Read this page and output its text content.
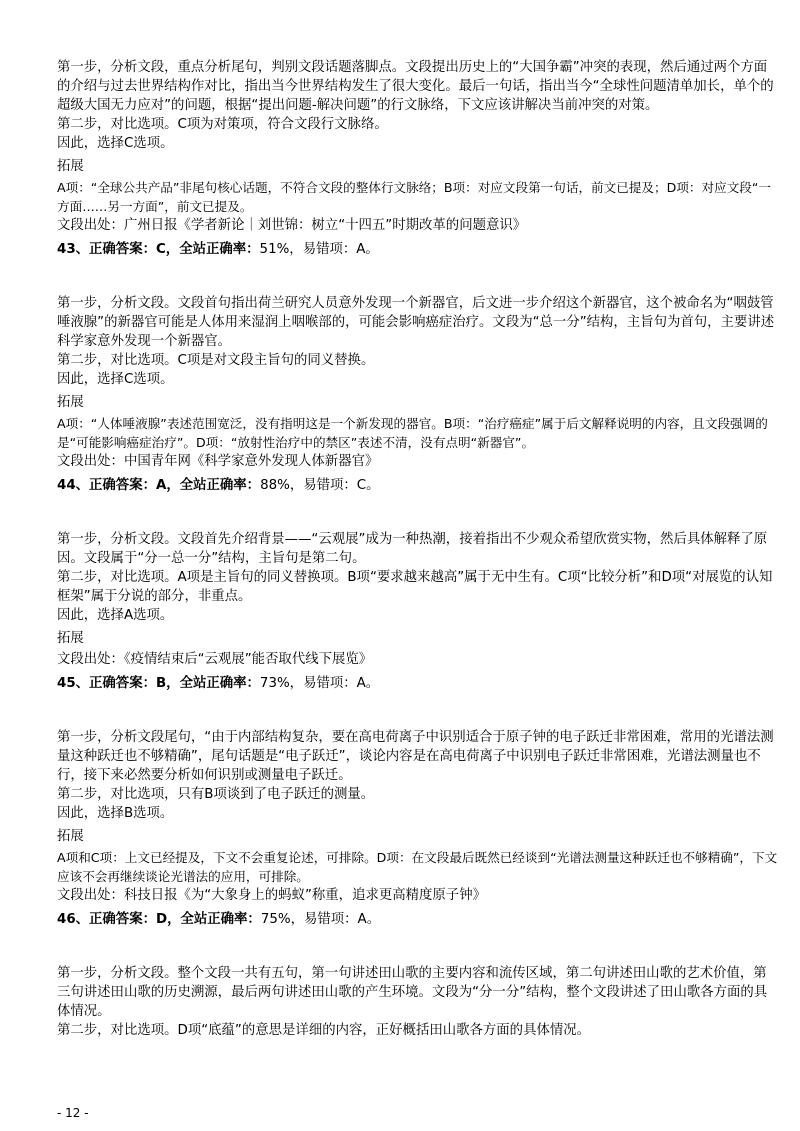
第一步，分析文段，重点分析尾句，判别文段话题落脚点。文段提出历史上的“大国争霸”冲突的表现，然后通过两个方面的介绍与过去世界结构作对比，指出当今世界结构发生了很大变化。最后一句话，指出当今“全球性问题清单加长，单个的超级大国无力应对”的问题，根据“提出问题-解决问题”的行文脉络，下文应该讲解决当前冲突的对策。

第二步，对比选项。C项为对策项，符合文段行文脉络。

因此，选择C选项。

拓展

A项：“全球公共产品”非尾句核心话题，不符合文段的整体行文脉络；B项：对应文段第一句话，前文已提及；D项：对应文段“一方面……另一方面”，前文已提及。

文段出处：广州日报《学者新论｜刘世锦：树立“十四五”时期改革的问题意识》

43、正确答案：C，全站正确率：51%，易错项：A。

第一步，分析文段。文段首句指出荷兰研究人员意外发现一个新器官，后文进一步介绍这个新器官，这个被命名为“咽鼓管唾液腺”的新器官可能是人体用来湿润上咽喉部的，可能会影响癌症治疗。文段为“总一分”结构，主旨句为首句，主要讲述科学家意外发现一个新器官。

第二步，对比选项。C项是对文段主旨句的同义替换。

因此，选择C选项。

拓展

A项：“人体唾液腺”表述范围宽泛，没有指明这是一个新发现的器官。B项：“治疗癌症”属于后文解释说明的内容，且文段强调的是“可能影响癌症治疗”。D项：“放射性治疗中的禁区”表述不清，没有点明“新器官”。

文段出处：中国青年网《科学家意外发现人体新器官》

44、正确答案：A，全站正确率：88%，易错项：C。

第一步，分析文段。文段首先介绍背景——“云观展”成为一种热潮，接着指出不少观众希望欣赏实物，然后具体解释了原因。文段属于“分一总一分”结构，主旨句是第二句。

第二步，对比选项。A项是主旨句的同义替换项。B项“要求越来越高”属于无中生有。C项“比较分析”和D项“对展览的认知框架”属于分说的部分，非重点。

因此，选择A选项。

拓展

文段出处：《疫情结束后“云观展”能否取代线下展览》

45、正确答案：B，全站正确率：73%，易错项：A。

第一步，分析文段尾句，“由于内部结构复杂，要在高电荷离子中识别适合于原子钟的电子跃迁非常困难，常用的光谱法测量这种跃迁也不够精确”，尾句话题是“电子跃迁”，谈论内容是在高电荷离子中识别电子跃迁非常困难，光谱法测量也不行，接下来必然要分析如何识别或测量电子跃迁。

第二步，对比选项，只有B项谈到了电子跃迁的测量。

因此，选择B选项。

拓展

A项和C项：上文已经提及，下文不会重复论述，可排除。D项：在文段最后既然已经谈到“光谱法测量这种跃迁也不够精确”，下文应该不会再继续谈论光谱法的应用，可排除。

文段出处：科技日报《为“大象身上的蚂蚁”称重，追求更高精度原子钟》

46、正确答案：D，全站正确率：75%，易错项：A。

第一步，分析文段。整个文段一共有五句，第一句讲述田山歌的主要内容和流传区域，第二句讲述田山歌的艺术价值，第三句讲述田山歌的历史溯源，最后两句讲述田山歌的产生环境。文段为“分一分”结构，整个文段讲述了田山歌各方面的具体情况。

第二步，对比选项。D项“底蕴”的意思是详细的内容，正好概括田山歌各方面的具体情况。

- 12 -
